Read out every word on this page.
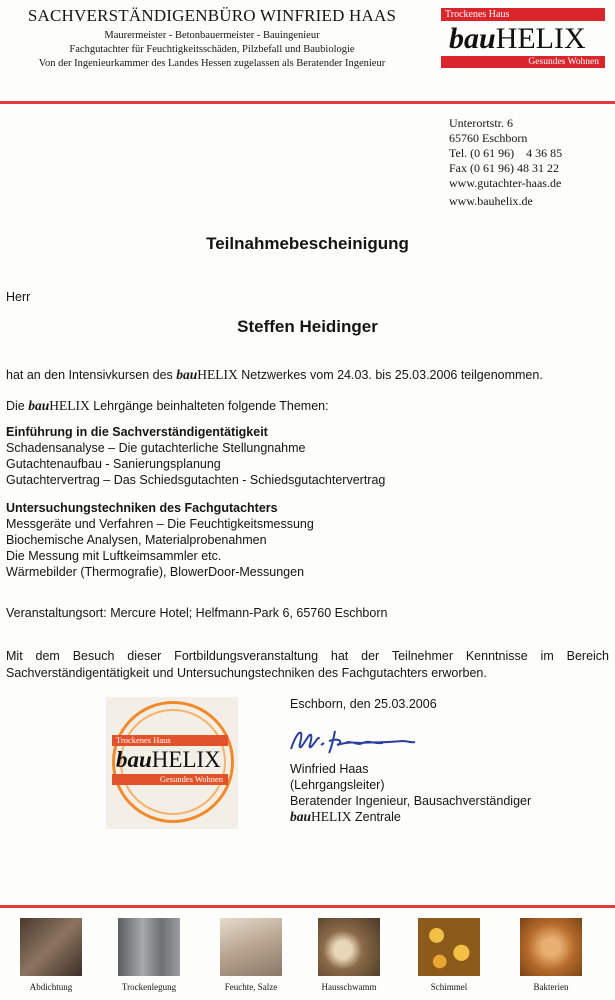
SACHVERSTÄNDIGENBÜRO WINFRIED HAAS
Maurermeister - Betonbauermeister - Bauingenieur
Fachgutachter für Feuchtigkeitsschäden, Pilzbefall und Baubiologie
Von der Ingenieurkammer des Landes Hessen zugelassen als Beratender Ingenieur
Trockenes Haus
bauHELIX
Gesundes Wohnen
Unterortstr. 6
65760 Eschborn
Tel. (0 61 96)    4 36 85
Fax (0 61 96) 48 31 22
www.gutachter-haas.de
www.bauhelix.de
Teilnahmebescheinigung
Herr
Steffen Heidinger
hat an den Intensivkursen des bauHELIX Netzwerkes vom 24.03. bis 25.03.2006 teilgenommen.
Die bauHELIX Lehrgänge beinhalteten folgende Themen:
Einführung in die Sachverständigentätigkeit
Schadensanalyse – Die gutachterliche Stellungnahme
Gutachtenaufbau - Sanierungsplanung
Gutachtervertrag – Das Schiedsgutachten - Schiedsgutachtervertrag
Untersuchungstechniken des Fachgutachters
Messgeräte und Verfahren – Die Feuchtigkeitsmessung
Biochemische Analysen, Materialprobenahmen
Die Messung mit Luftkeimsammler etc.
Wärmebilder (Thermografie), BlowerDoor-Messungen
Veranstaltungsort: Mercure Hotel; Helfmann-Park 6, 65760 Eschborn
Mit dem Besuch dieser Fortbildungsveranstaltung hat der Teilnehmer Kenntnisse im Bereich Sachverständigentätigkeit und Untersuchungstechniken des Fachgutachters erworben.
Eschborn, den 25.03.2006
Trockenes Haus
bauHELIX
Gesundes Wohnen
Winfried Haas
(Lehrgangsleiter)
Beratender Ingenieur, Bausachverständiger
bauHELIX Zentrale
Abdichtung	Trockenlegung	Feuchte, Salze	Hausschwamm	Schimmel	Bakterien
